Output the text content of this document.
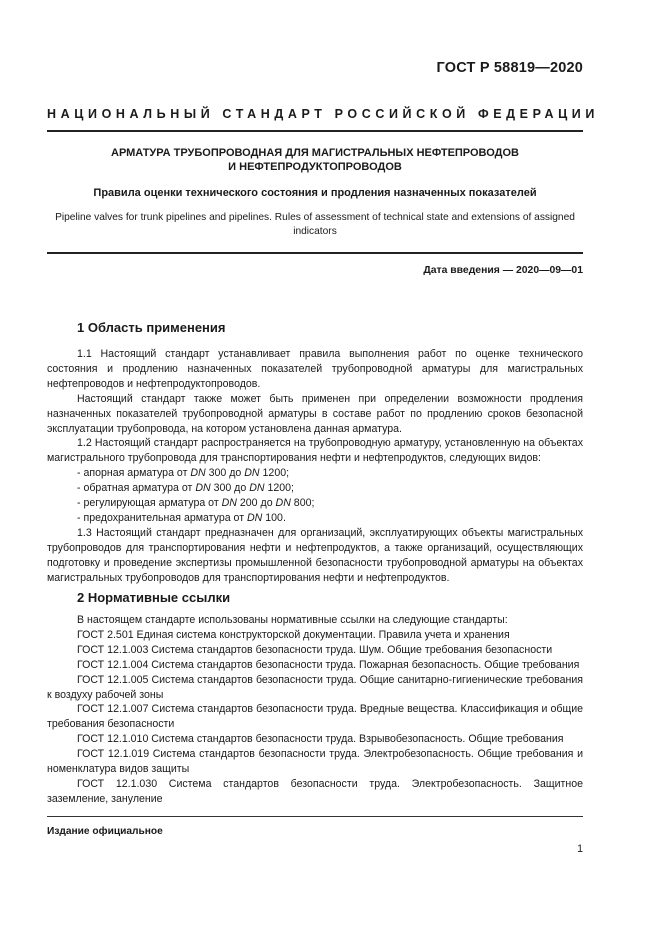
ГОСТ Р 58819—2020
НАЦИОНАЛЬНЫЙ СТАНДАРТ РОССИЙСКОЙ ФЕДЕРАЦИИ
АРМАТУРА ТРУБОПРОВОДНАЯ ДЛЯ МАГИСТРАЛЬНЫХ НЕФТЕПРОВОДОВ
И НЕФТЕПРОДУКТОПРОВОДОВ
Правила оценки технического состояния и продления назначенных показателей
Pipeline valves for trunk pipelines and pipelines. Rules of assessment of technical state and extensions of assigned
indicators
Дата введения — 2020—09—01
1 Область применения

1.1 Настоящий стандарт устанавливает правила выполнения работ по оценке технического состояния и продлению назначенных показателей трубопроводной арматуры для магистральных нефтепроводов и нефтепродуктопроводов.

Настоящий стандарт также может быть применен при определении возможности продления назначенных показателей трубопроводной арматуры в составе работ по продлению сроков безопасной эксплуатации трубопровода, на котором установлена данная арматура.

1.2 Настоящий стандарт распространяется на трубопроводную арматуру, установленную на объектах магистрального трубопровода для транспортирования нефти и нефтепродуктов, следующих видов:

- апорная арматура от DN 300 до DN 1200;

- обратная арматура от DN 300 до DN 1200;

- регулирующая арматура от DN 200 до DN 800;

- предохранительная арматура от DN 100.

1.3 Настоящий стандарт предназначен для организаций, эксплуатирующих объекты магистральных трубопроводов для транспортирования нефти и нефтепродуктов, а также организаций, осуществляющих подготовку и проведение экспертизы промышленной безопасности трубопроводной арматуры на объектах магистральных трубопроводов для транспортирования нефти и нефтепродуктов.

2 Нормативные ссылки

В настоящем стандарте использованы нормативные ссылки на следующие стандарты:

ГОСТ 2.501 Единая система конструкторской документации. Правила учета и хранения

ГОСТ 12.1.003 Система стандартов безопасности труда. Шум. Общие требования безопасности

ГОСТ 12.1.004 Система стандартов безопасности труда. Пожарная безопасность. Общие требования

ГОСТ 12.1.005 Система стандартов безопасности труда. Общие санитарно-гигиенические требования к воздуху рабочей зоны

ГОСТ 12.1.007 Система стандартов безопасности труда. Вредные вещества. Классификация и общие требования безопасности

ГОСТ 12.1.010 Система стандартов безопасности труда. Взрывобезопасность. Общие требования

ГОСТ 12.1.019 Система стандартов безопасности труда. Электробезопасность. Общие требования и номенклатура видов защиты

ГОСТ 12.1.030 Система стандартов безопасности труда. Электробезопасность. Защитное заземление, зануление

Издание официальное
1
